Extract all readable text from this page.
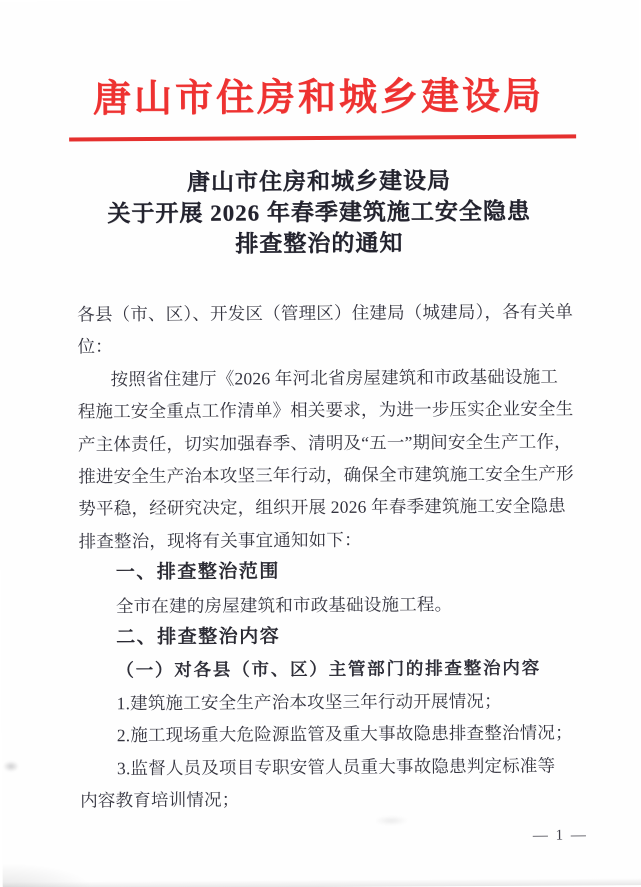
唐山市住房和城乡建设局
唐山市住房和城乡建设局
关于开展 2026 年春季建筑施工安全隐患
排查整治的通知
各县（市、区）、开发区（管理区）住建局（城建局），各有关单
位：
按照省住建厅《2026 年河北省房屋建筑和市政基础设施工
程施工安全重点工作清单》相关要求，为进一步压实企业安全生
产主体责任，切实加强春季、清明及“五一”期间安全生产工作，
推进安全生产治本攻坚三年行动，确保全市建筑施工安全生产形
势平稳，经研究决定，组织开展 2026 年春季建筑施工安全隐患
排查整治，现将有关事宜通知如下：
一、排查整治范围
全市在建的房屋建筑和市政基础设施工程。
二、排查整治内容
（一）对各县（市、区）主管部门的排查整治内容
1.建筑施工安全生产治本攻坚三年行动开展情况；
2.施工现场重大危险源监管及重大事故隐患排查整治情况；
3.监督人员及项目专职安管人员重大事故隐患判定标准等
内容教育培训情况；
— 1 —
